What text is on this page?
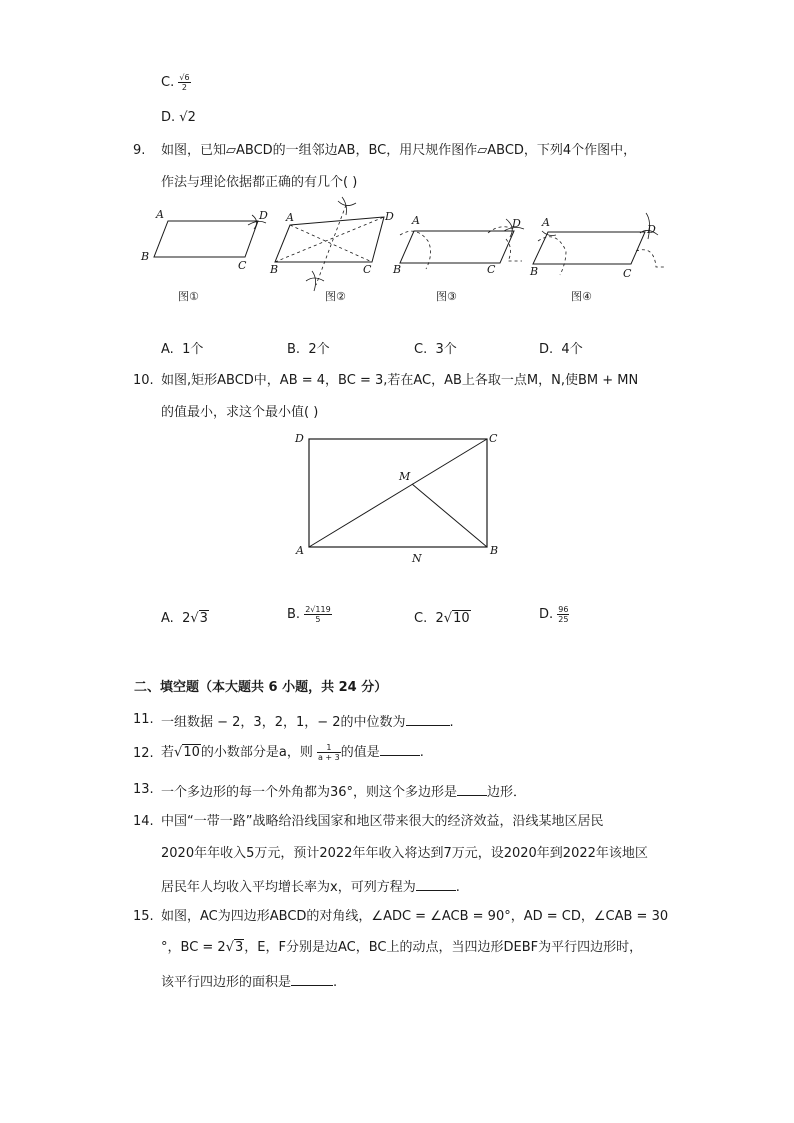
C. $\frac{√6}{2}$
D. √2
9. 如图，已知▱ABCD的一组邻边AB，BC，用尺规作图作▱ABCD，下列4个作图中，
作法与理论依据都正确的有几个( )
A	D
B
C
图①
A	D
B	C
图②
A	D
B	C
图③
A
D
B	C
图④
A. 1个	B. 2个	C. 3个	D. 4个
10. 如图,矩形ABCD中，AB = 4，BC = 3,若在AC，AB上各取一点M，N,使BM + MN
的值最小，求这个最小值( )
D	C
M
A	B
N
A. 2√3	B. $\frac{2√119}{5}$	C. 2√10	D. $\frac{96}{25}$
二、填空题（本大题共 6 小题，共 24 分）
11. 一组数据 − 2，3，2，1，− 2的中位数为	.
12. 若√10的小数部分是a，则 $\frac{1}{a + 3}$ 的值是	.
13. 一个多边形的每一个外角都为36°，则这个多边形是 边形．
14. 中国“一带一路”战略给沿线国家和地区带来很大的经济效益，沿线某地区居民
2020年年收入5万元，预计2022年年收入将达到7万元，设2020年到2022年该地区
居民年人均收入平均增长率为x，可列方程为	.
15. 如图，AC为四边形ABCD的对角线，∠ADC = ∠ACB = 90°，AD = CD，∠CAB = 30
°，BC = 2√3，E，F分别是边AC，BC上的动点，当四边形DEBF为平行四边形时，
该平行四边形的面积是	.
